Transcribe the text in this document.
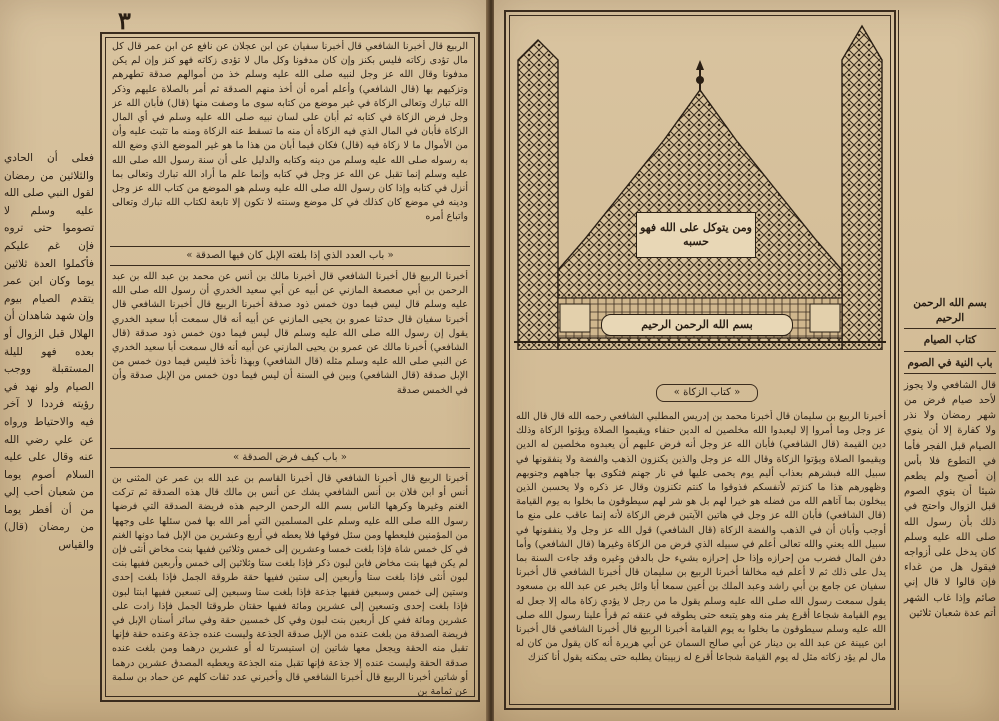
٣
فعلى أن الحادي والثلاثين من رمضان لقول النبي صلى الله عليه وسلم لا تصوموا حتى تروه فإن غم عليكم فأكملوا العدة ثلاثين يوما وكان ابن عمر يتقدم الصيام بيوم وإن شهد شاهدان أن الهلال قبل الزوال أو بعده فهو لليلة المستقبلة ووجب الصيام ولو نهد في رؤيته فرددا لا آخر فيه والاحتياط ورواه عن علي رضي الله عنه وقال على عليه السلام أصوم يوما من شعبان أحب إلي من أن أفطر يوما من رمضان (قال) والقياس
الربيع قال أخبرنا الشافعي قال أخبرنا سفيان عن ابن عجلان عن نافع عن ابن عمر قال كل مال تؤدى زكاته فليس بكنز وإن كان مدفونا وكل مال لا تؤدى زكاته فهو كنز وإن لم يكن مدفونا وقال الله عز وجل لنبيه صلى الله عليه وسلم خذ من أموالهم صدقة تطهرهم وتزكيهم بها (قال الشافعي) وأعلم أمره أن أخذ منهم الصدقة ثم أمر بالصلاة عليهم وذكر الله تبارك وتعالى الزكاة في غير موضع من كتابه سوى ما وصفت منها (قال) فأبان الله عز وجل فرض الزكاة في كتابه ثم أبان على لسان نبيه صلى الله عليه وسلم في أي المال الزكاة فأبان في المال الذي فيه الزكاة أن منه ما تسقط عنه الزكاة ومنه ما تثبت عليه وأن من الأموال ما لا زكاة فيه (قال) فكان فيما أبان من هذا ما هو غير الموضع الذي وضع الله به رسوله صلى الله عليه وسلم من دينه وكتابه والدليل على أن سنة رسول الله صلى الله عليه وسلم إنما تقبل عن الله عز وجل في كتابه وإنما علم ما أراد الله تبارك وتعالى بما أنزل في كتابه وإذا كان رسول الله صلى الله عليه وسلم هو الموضع من كتاب الله عز وجل ودينه في موضع كان كذلك في كل موضع وسنته لا تكون إلا تابعة لكتاب الله تبارك وتعالى واتباع أمره
« باب العدد الذي إذا بلغته الإبل كان فيها الصدقة »
أخبرنا الربيع قال أخبرنا الشافعي قال أخبرنا مالك بن أنس عن محمد بن عبد الله بن عبد الرحمن بن أبي صعصعة المازني عن أبيه عن أبي سعيد الخدري أن رسول الله صلى الله عليه وسلم قال ليس فيما دون خمس ذود صدقة أخبرنا الربيع قال أخبرنا الشافعي قال أخبرنا سفيان قال حدثنا عمرو بن يحيى المازني عن أبيه أنه قال سمعت أبا سعيد الخدري يقول إن رسول الله صلى الله عليه وسلم قال ليس فيما دون خمس ذود صدقة (قال الشافعي) أخبرنا مالك عن عمرو بن يحيى المازني عن أبيه أنه قال سمعت أبا سعيد الخدري عن النبي صلى الله عليه وسلم مثله (قال الشافعي) وبهذا نأخذ فليس فيما دون خمس من الإبل صدقة (قال الشافعي) وبين في السنة أن ليس فيما دون خمس من الإبل صدقة وأن في الخمس صدقة
« باب كيف فرض الصدقة »
أخبرنا الربيع قال أخبرنا الشافعي قال أخبرنا القاسم بن عبد الله بن عمر عن المثنى بن أنس أو ابن فلان بن أنس الشافعي يشك عن أنس بن مالك قال هذه الصدقة ثم تركت الغنم وغيرها وكرهها الناس بسم الله الرحمن الرحيم هذه فريضة الصدقة التي فرضها رسول الله صلى الله عليه وسلم على المسلمين التي أمر الله بها فمن سئلها على وجهها من المؤمنين فليعطها ومن سئل فوقها فلا يعطه في أربع وعشرين من الإبل فما دونها الغنم في كل خمس شاة فإذا بلغت خمسا وعشرين إلى خمس وثلاثين ففيها بنت مخاض أنثى فإن لم يكن فيها بنت مخاض فابن لبون ذكر فإذا بلغت ستا وثلاثين إلى خمس وأربعين ففيها بنت لبون أنثى فإذا بلغت ستا وأربعين إلى ستين ففيها حقة طروقة الجمل فإذا بلغت إحدى وستين إلى خمس وسبعين ففيها جذعة فإذا بلغت ستا وسبعين إلى تسعين ففيها ابنتا لبون فإذا بلغت إحدى وتسعين إلى عشرين ومائة ففيها حقتان طروقتا الجمل فإذا زادت على عشرين ومائة ففي كل أربعين بنت لبون وفي كل خمسين حقة وفي سائر أسنان الإبل في فريضة الصدقة من بلغت عنده من الإبل صدقة الجذعة وليست عنده جذعة وعنده حقة فإنها تقبل منه الحقة ويجعل معها شاتين إن استيسرتا له أو عشرين درهما ومن بلغت عنده صدقة الحقة وليست عنده إلا جذعة فإنها تقبل منه الجذعة ويعطيه المصدق عشرين درهما أو شاتين أخبرنا الربيع قال أخبرنا الشافعي قال وأخبرني عدد ثقات كلهم عن حماد بن سلمة عن ثمامة بن
ومن يتوكل على الله فهو حسبه
بسم الله الرحمن الرحيم
« كتاب الزكاة »
أخبرنا الربيع بن سليمان قال أخبرنا محمد بن إدريس المطلبي الشافعي رحمه الله قال قال الله عز وجل وما أمروا إلا ليعبدوا الله مخلصين له الدين حنفاء ويقيموا الصلاة ويؤتوا الزكاة وذلك دين القيمة (قال الشافعي) فأبان الله عز وجل أنه فرض عليهم أن يعبدوه مخلصين له الدين ويقيموا الصلاة ويؤتوا الزكاة وقال الله عز وجل والذين يكنزون الذهب والفضة ولا ينفقونها في سبيل الله فبشرهم بعذاب أليم يوم يحمى عليها في نار جهنم فتكوى بها جباههم وجنوبهم وظهورهم هذا ما كنزتم لأنفسكم فذوقوا ما كنتم تكنزون وقال عز ذكره ولا يحسبن الذين يبخلون بما آتاهم الله من فضله هو خيرا لهم بل هو شر لهم سيطوقون ما بخلوا به يوم القيامة (قال الشافعي) فأبان الله عز وجل في هاتين الآيتين فرض الزكاة لأنه إنما عاقب على منع ما أوجب وأبان أن في الذهب والفضة الزكاة (قال الشافعي) قول الله عز وجل ولا ينفقونها في سبيل الله يعني والله تعالى أعلم في سبيله الذي فرض من الزكاة وغيرها (قال الشافعي) وأما دفن المال فضرب من إحرازه وإذا حل إحرازه بشيء حل بالدفن وغيره وقد جاءت السنة بما يدل على ذلك ثم لا أعلم فيه مخالفا أخبرنا الربيع بن سليمان قال أخبرنا الشافعي قال أخبرنا سفيان عن جامع بن أبي راشد وعبد الملك بن أعين سمعا أبا وائل يخبر عن عبد الله بن مسعود يقول سمعت رسول الله صلى الله عليه وسلم يقول ما من رجل لا يؤدي زكاة ماله إلا جعل له يوم القيامة شجاعا أقرع يفر منه وهو يتبعه حتى يطوقه في عنقه ثم قرأ علينا رسول الله صلى الله عليه وسلم سيطوقون ما بخلوا به يوم القيامة أخبرنا الربيع قال أخبرنا الشافعي قال أخبرنا ابن عيينة عن عبد الله بن دينار عن أبي صالح السمان عن أبي هريرة أنه كان يقول من كان له مال لم يؤد زكاته مثل له يوم القيامة شجاعا أقرع له زبيبتان يطلبه حتى يمكنه يقول أنا كنزك
بسم الله الرحمن الرحيم
كتاب الصيام
باب النية في الصوم
قال الشافعي ولا يجوز لأحد صيام فرض من شهر رمضان ولا نذر ولا كفارة إلا أن ينوي الصيام قبل الفجر فأما في التطوع فلا بأس إن أصبح ولم يطعم شيئا أن ينوي الصوم قبل الزوال واحتج في ذلك بأن رسول الله صلى الله عليه وسلم كان يدخل على أزواجه فيقول هل من غداء فإن قالوا لا قال إني صائم وإذا غاب الشهر أتم عدة شعبان ثلاثين
